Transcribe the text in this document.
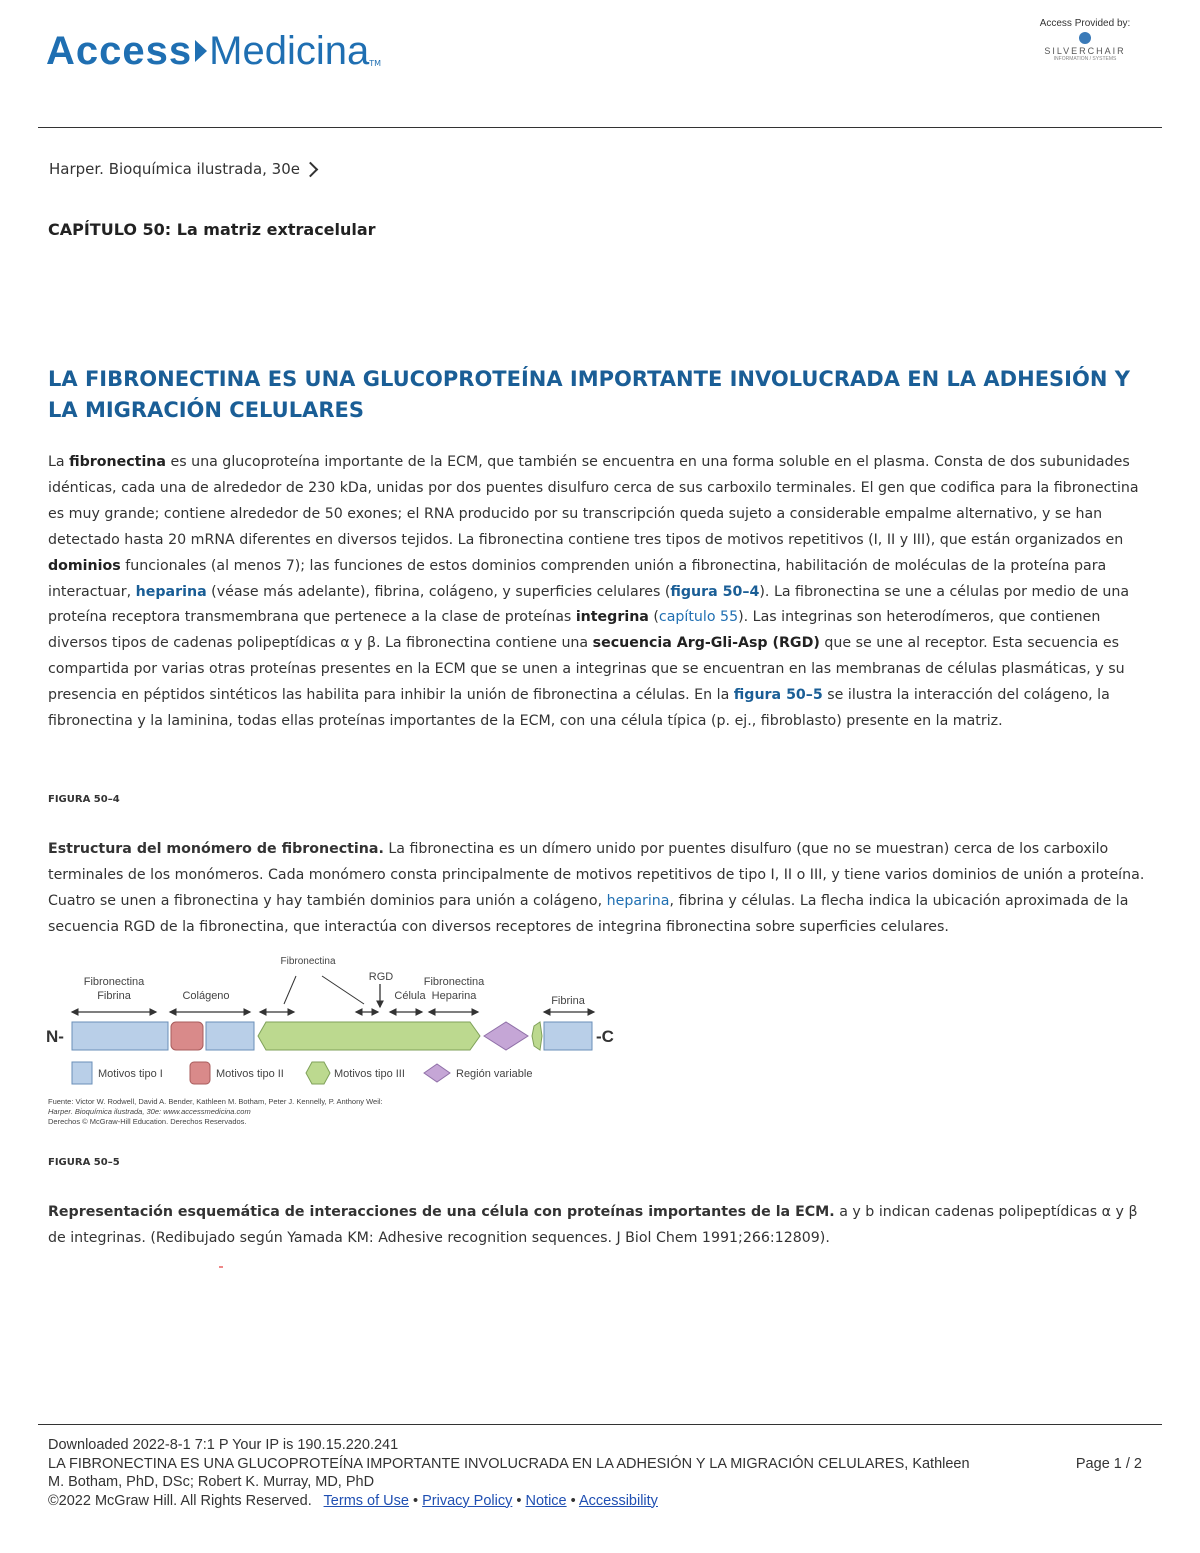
Access Medicina TM
Access Provided by:
SILVERCHAIR
INFORMATION / SYSTEMS
Harper. Bioquímica ilustrada, 30e
CAPÍTULO 50: La matriz extracelular
LA FIBRONECTINA ES UNA GLUCOPROTEÍNA IMPORTANTE INVOLUCRADA EN LA ADHESIÓN Y LA MIGRACIÓN CELULARES
La fibronectina es una glucoproteína importante de la ECM, que también se encuentra en una forma soluble en el plasma. Consta de dos subunidades idénticas, cada una de alrededor de 230 kDa, unidas por dos puentes disulfuro cerca de sus carboxilo terminales. El gen que codifica para la fibronectina es muy grande; contiene alrededor de 50 exones; el RNA producido por su transcripción queda sujeto a considerable empalme alternativo, y se han detectado hasta 20 mRNA diferentes en diversos tejidos. La fibronectina contiene tres tipos de motivos repetitivos (I, II y III), que están organizados en dominios funcionales (al menos 7); las funciones de estos dominios comprenden unión a fibronectina, habilitación de moléculas de la proteína para interactuar, heparina (véase más adelante), fibrina, colágeno, y superficies celulares (figura 50–4). La fibronectina se une a células por medio de una proteína receptora transmembrana que pertenece a la clase de proteínas integrina (capítulo 55). Las integrinas son heterodímeros, que contienen diversos tipos de cadenas polipeptídicas α y β. La fibronectina contiene una secuencia Arg-Gli-Asp (RGD) que se une al receptor. Esta secuencia es compartida por varias otras proteínas presentes en la ECM que se unen a integrinas que se encuentran en las membranas de células plasmáticas, y su presencia en péptidos sintéticos las habilita para inhibir la unión de fibronectina a células. En la figura 50–5 se ilustra la interacción del colágeno, la fibronectina y la laminina, todas ellas proteínas importantes de la ECM, con una célula típica (p. ej., fibroblasto) presente en la matriz.
FIGURA 50–4
Estructura del monómero de fibronectina. La fibronectina es un dímero unido por puentes disulfuro (que no se muestran) cerca de los carboxilo terminales de los monómeros. Cada monómero consta principalmente de motivos repetitivos de tipo I, II o III, y tiene varios dominios de unión a proteína. Cuatro se unen a fibronectina y hay también dominios para unión a colágeno, heparina, fibrina y células. La flecha indica la ubicación aproximada de la secuencia RGD de la fibronectina, que interactúa con diversos receptores de integrina fibronectina sobre superficies celulares.
Fibronectina
Fibrina	Colágeno
Fibronectina
RGD
Célula
Fibronectina
Heparina	Fibrina
N-	-C
Motivos tipo I	Motivos tipo II	Motivos tipo III	Región variable
Fuente: Victor W. Rodwell, David A. Bender, Kathleen M. Botham, Peter J. Kennelly, P. Anthony Weil:
Harper. Bioquímica ilustrada, 30e: www.accessmedicina.com
Derechos © McGraw-Hill Education. Derechos Reservados.
FIGURA 50–5
Representación esquemática de interacciones de una célula con proteínas importantes de la ECM. a y b indican cadenas polipeptídicas α y β de integrinas. (Redibujado según Yamada KM: Adhesive recognition sequences. J Biol Chem 1991;266:12809).
Downloaded 2022-8-1 7:1 P Your IP is 190.15.220.241
LA FIBRONECTINA ES UNA GLUCOPROTEÍNA IMPORTANTE INVOLUCRADA EN LA ADHESIÓN Y LA MIGRACIÓN CELULARES, Kathleen
M. Botham, PhD, DSc; Robert K. Murray, MD, PhD
©2022 McGraw Hill. All Rights Reserved. Terms of Use • Privacy Policy • Notice • Accessibility
Page 1 / 2
